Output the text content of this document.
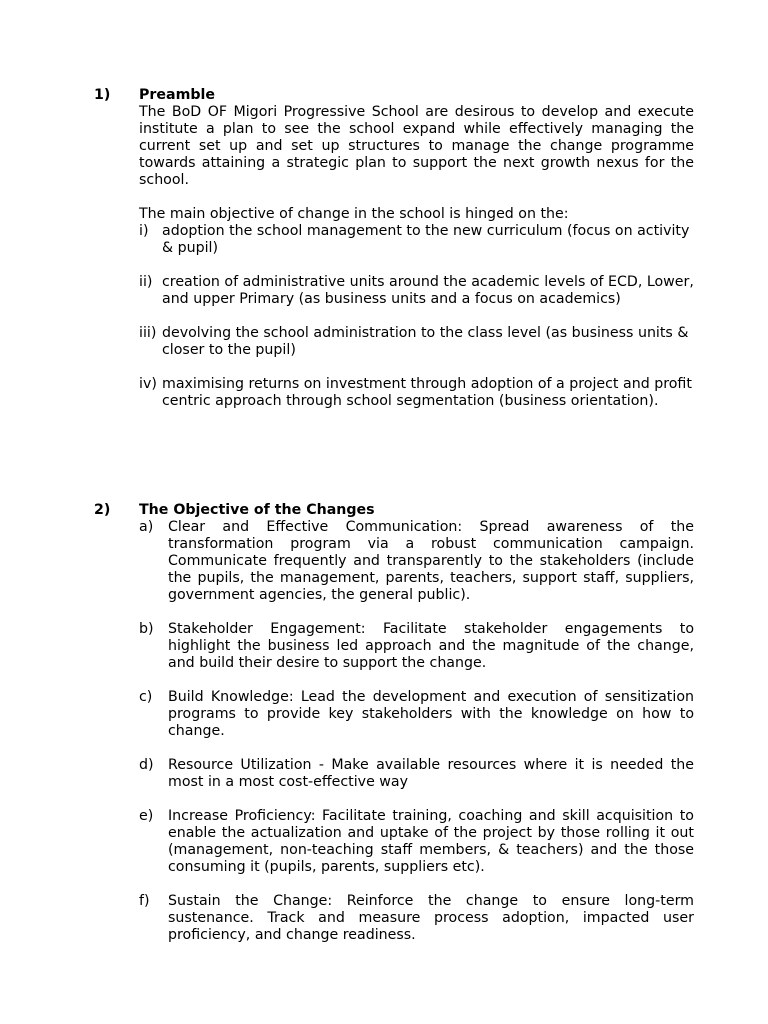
1) Preamble

The BoD OF Migori Progressive School are desirous to develop and execute institute a plan to see the school expand while effectively managing the current set up and set up structures to manage the change programme towards attaining a strategic plan to support the next growth nexus for the school.

The main objective of change in the school is hinged on the:

i) adoption the school management to the new curriculum (focus on activity & pupil)
ii) creation of administrative units around the academic levels of ECD, Lower, and upper Primary (as business units and a focus on academics)
iii) devolving the school administration to the class level (as business units & closer to the pupil)
iv) maximising returns on investment through adoption of a project and profit centric approach through school segmentation (business orientation).
2) The Objective of the Changes

a) Clear and Effective Communication: Spread awareness of the transformation program via a robust communication campaign. Communicate frequently and transparently to the stakeholders (include the pupils, the management, parents, teachers, support staff, suppliers, government agencies, the general public).
b) Stakeholder Engagement: Facilitate stakeholder engagements to highlight the business led approach and the magnitude of the change, and build their desire to support the change.
c) Build Knowledge: Lead the development and execution of sensitization programs to provide key stakeholders with the knowledge on how to change.
d) Resource Utilization - Make available resources where it is needed the most in a most cost-effective way
e) Increase Proficiency: Facilitate training, coaching and skill acquisition to enable the actualization and uptake of the project by those rolling it out (management, non-teaching staff members, & teachers) and the those consuming it (pupils, parents, suppliers etc).
f) Sustain the Change: Reinforce the change to ensure long-term sustenance. Track and measure process adoption, impacted user proficiency, and change readiness.
